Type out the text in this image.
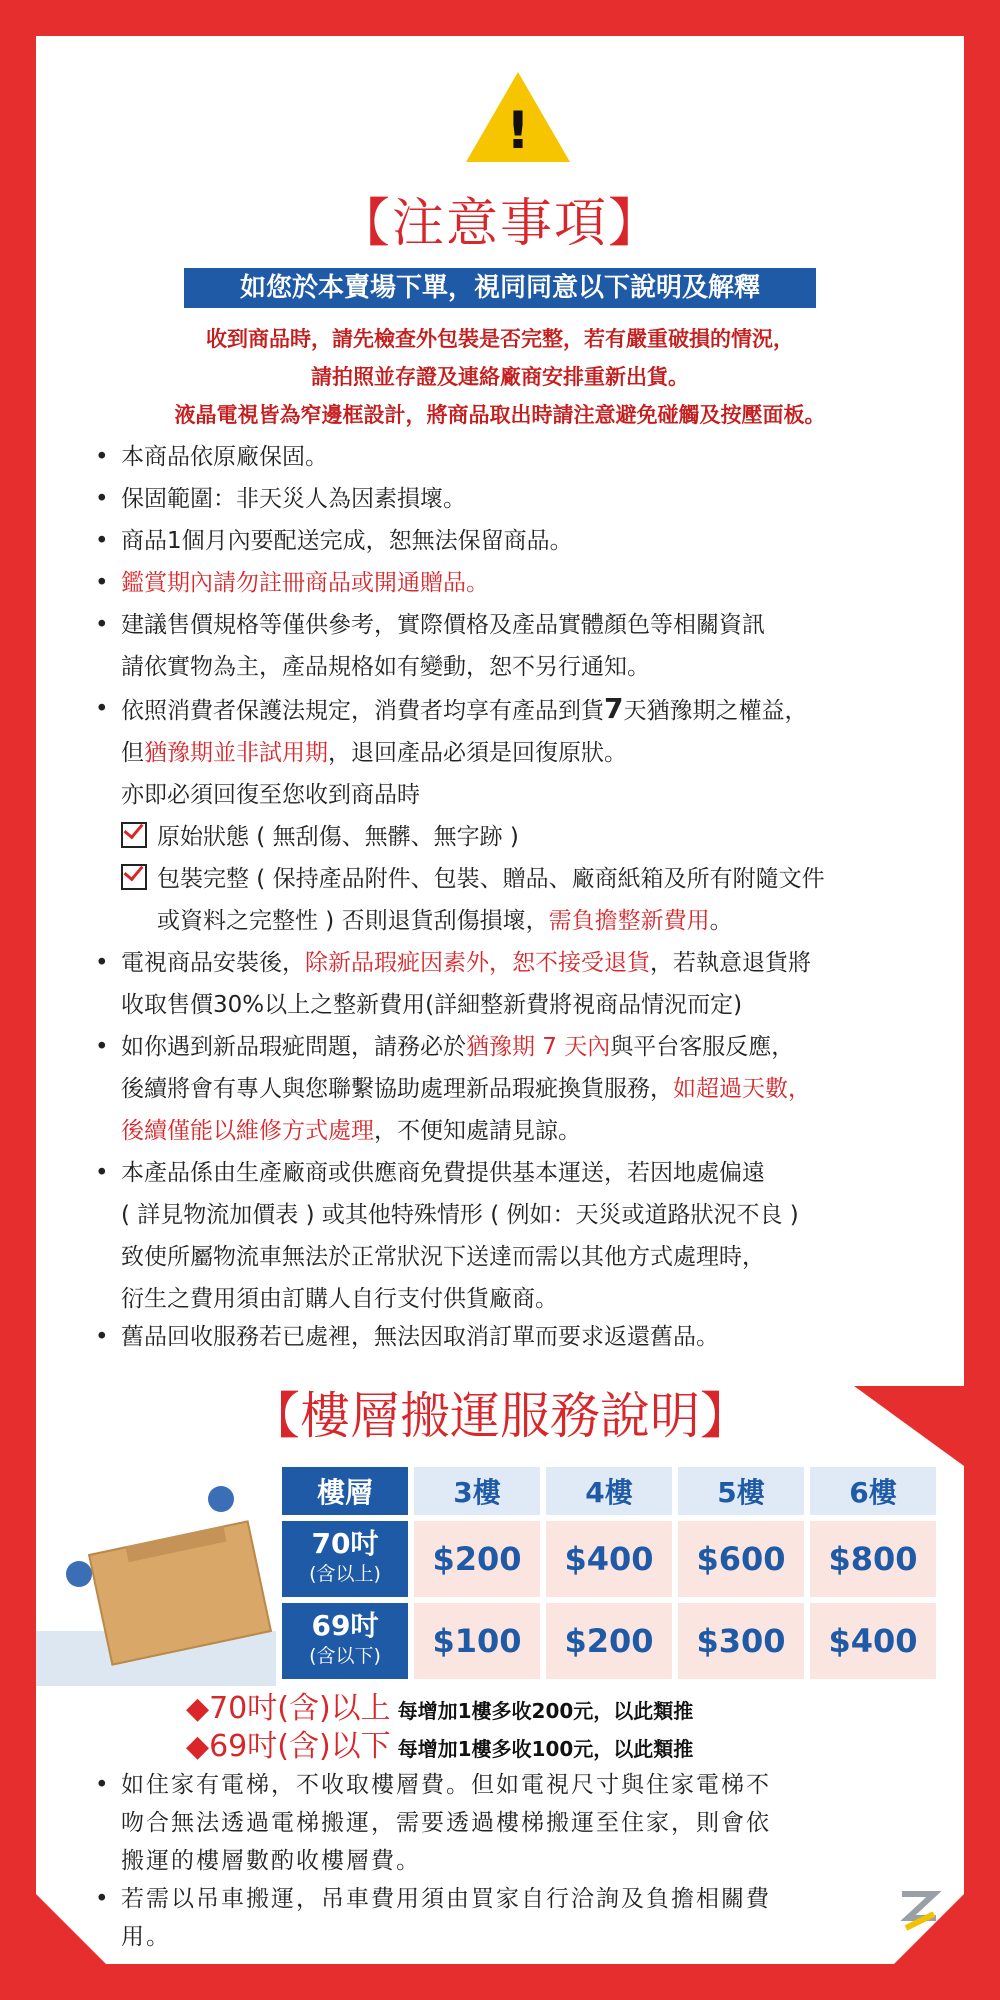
!
【注意事項】
如您於本賣場下單，視同同意以下說明及解釋
收到商品時，請先檢查外包裝是否完整，若有嚴重破損的情況，
請拍照並存證及連絡廠商安排重新出貨。
液晶電視皆為窄邊框設計，將商品取出時請注意避免碰觸及按壓面板。
• 本商品依原廠保固。
• 保固範圍：非天災人為因素損壞。
• 商品1個月內要配送完成，恕無法保留商品。
• 鑑賞期內請勿註冊商品或開通贈品。
• 建議售價規格等僅供參考，實際價格及產品實體顏色等相關資訊
請依實物為主，產品規格如有變動，恕不另行通知。
• 依照消費者保護法規定，消費者均享有產品到貨7天猶豫期之權益，
但猶豫期並非試用期，退回產品必須是回復原狀。
亦即必須回復至您收到商品時
原始狀態 ( 無刮傷、無髒、無字跡 )
包裝完整 ( 保持產品附件、包裝、贈品、廠商紙箱及所有附隨文件
或資料之完整性 ) 否則退貨刮傷損壞，需負擔整新費用。
• 電視商品安裝後，除新品瑕疵因素外，恕不接受退貨，若執意退貨將
收取售價30%以上之整新費用(詳細整新費將視商品情況而定)
• 如你遇到新品瑕疵問題，請務必於猶豫期 7 天內與平台客服反應，
後續將會有專人與您聯繫協助處理新品瑕疵換貨服務，如超過天數，
後續僅能以維修方式處理，不便知處請見諒。
• 本產品係由生產廠商或供應商免費提供基本運送，若因地處偏遠
( 詳見物流加價表 ) 或其他特殊情形 ( 例如：天災或道路狀況不良 )
致使所屬物流車無法於正常狀況下送達而需以其他方式處理時，
衍生之費用須由訂購人自行支付供貨廠商。
• 舊品回收服務若已處裡，無法因取消訂單而要求返還舊品。
【樓層搬運服務說明】
樓層	3樓	4樓	5樓	6樓
70吋
(含以上)	$200	$400	$600	$800
69吋
(含以下)	$100	$200	$300	$400
◆70吋(含)以上 每增加1樓多收200元，以此類推
◆69吋(含)以下 每增加1樓多收100元，以此類推
• 如住家有電梯，不收取樓層費。但如電視尺寸與住家電梯不
吻合無法透過電梯搬運，需要透過樓梯搬運至住家，則會依
搬運的樓層數酌收樓層費。
• 若需以吊車搬運，吊車費用須由買家自行洽詢及負擔相關費
用。
